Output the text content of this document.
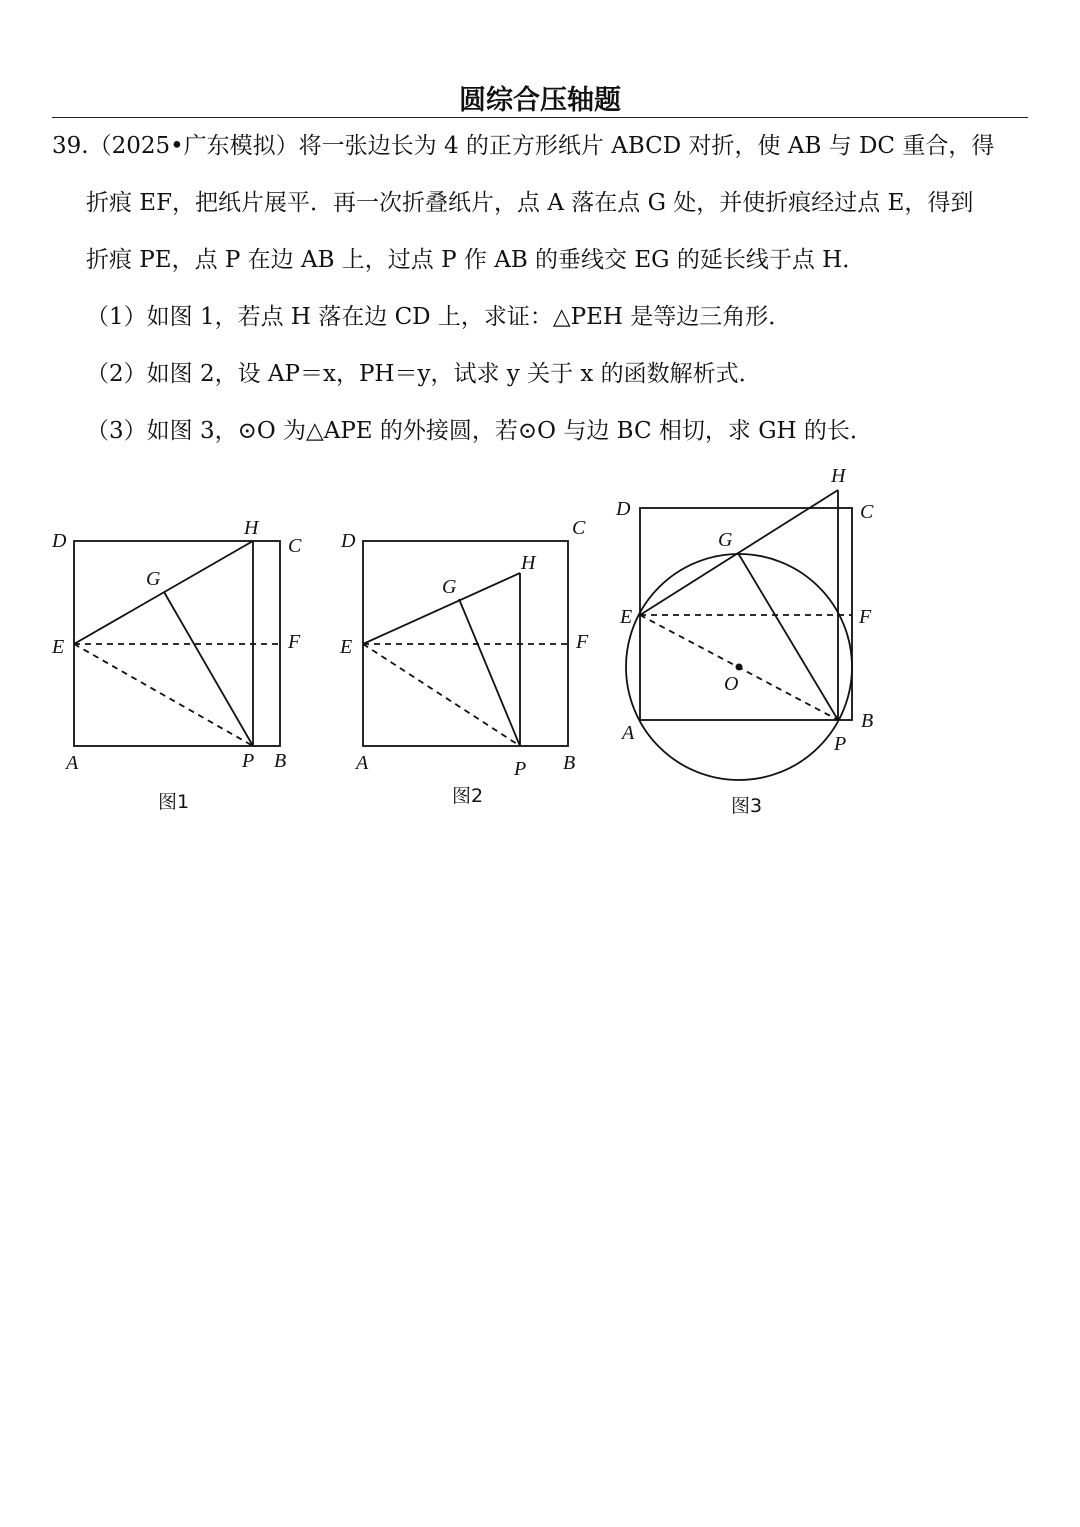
圆综合压轴题
39.（2025•广东模拟）将一张边长为 4 的正方形纸片 ABCD 对折，使 AB 与 DC 重合，得
折痕 EF，把纸片展平．再一次折叠纸片，点 A 落在点 G 处，并使折痕经过点 E，得到
折痕 PE，点 P 在边 AB 上，过点 P 作 AB 的垂线交 EG 的延长线于点 H．
（1）如图 1，若点 H 落在边 CD 上，求证：△PEH 是等边三角形．
（2）如图 2，设 AP＝x，PH＝y，试求 y 关于 x 的函数解析式．
（3）如图 3，⊙O 为△APE 的外接圆，若⊙O 与边 BC 相切，求 GH 的长．
D
H
C
G
E	F
A	P B
图1
D
C
H
G
E	F
A	P B
图2
H
D	C
G
E	F
O
A
B
P
图3
